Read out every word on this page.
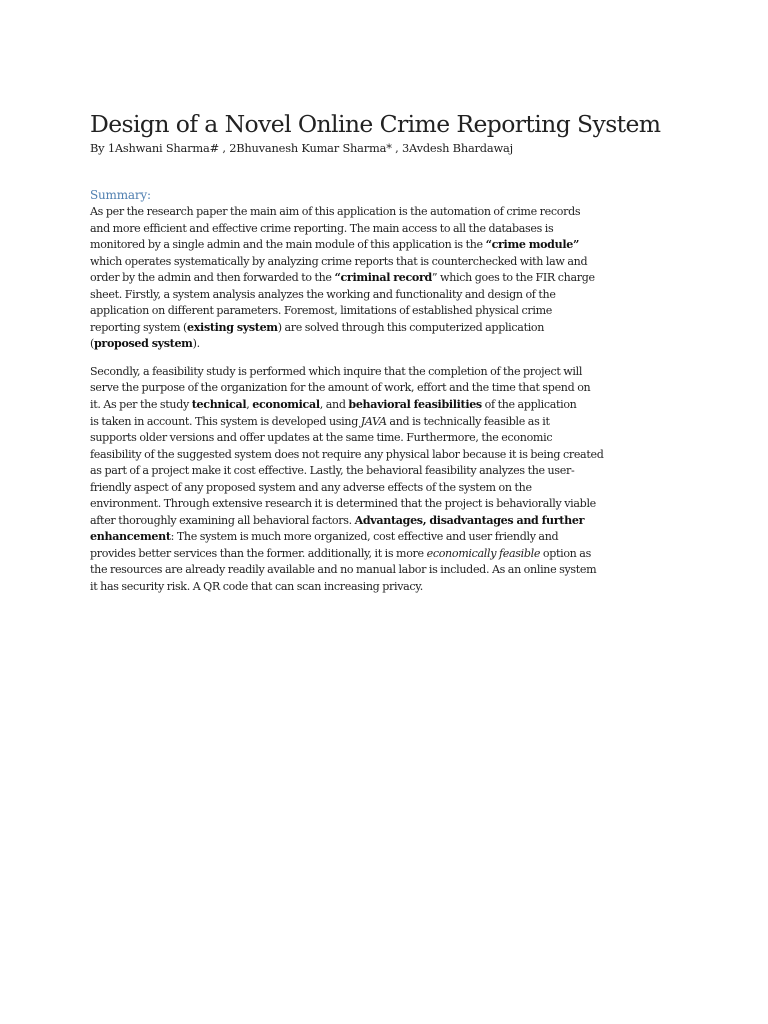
Design of a Novel Online Crime Reporting System

By 1Ashwani Sharma# , 2Bhuvanesh Kumar Sharma* , 3Avdesh Bhardawaj

Summary:

As per the research paper the main aim of this application is the automation of crime records
and more efficient and effective crime reporting. The main access to all the databases is
monitored by a single admin and the main module of this application is the “crime module”
which operates systematically by analyzing crime reports that is counterchecked with law and
order by the admin and then forwarded to the “criminal record” which goes to the FIR charge
sheet. Firstly, a system analysis analyzes the working and functionality and design of the
application on different parameters. Foremost, limitations of established physical crime
reporting system (existing system) are solved through this computerized application
(proposed system).

Secondly, a feasibility study is performed which inquire that the completion of the project will
serve the purpose of the organization for the amount of work, effort and the time that spend on
it. As per the study technical, economical, and behavioral feasibilities of the application
is taken in account. This system is developed using JAVA and is technically feasible as it
supports older versions and offer updates at the same time. Furthermore, the economic
feasibility of the suggested system does not require any physical labor because it is being created
as part of a project make it cost effective. Lastly, the behavioral feasibility analyzes the user-
friendly aspect of any proposed system and any adverse effects of the system on the
environment. Through extensive research it is determined that the project is behaviorally viable
after thoroughly examining all behavioral factors. Advantages, disadvantages and further
enhancement: The system is much more organized, cost effective and user friendly and
provides better services than the former. additionally, it is more economically feasible option as
the resources are already readily available and no manual labor is included. As an online system
it has security risk. A QR code that can scan increasing privacy.
